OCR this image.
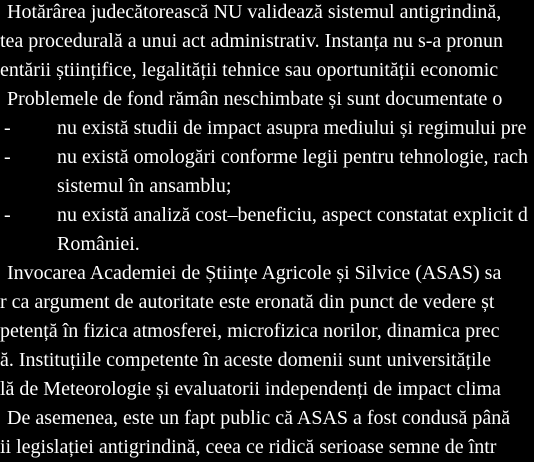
Hotărârea judecătorească NU validează sistemul antigrindină,
tea procedurală a unui act administrativ. Instanța nu s-a pronun
entării științifice, legalității tehnice sau oportunității economic
Problemele de fond rămân neschimbate și sunt documentate o
- nu există studii de impact asupra mediului și regimului pre
- nu există omologări conforme legii pentru tehnologie, rach
sistemul în ansamblu;
- nu există analiză cost–beneficiu, aspect constatat explicit d
României.
Invocarea Academiei de Științe Agricole și Silvice (ASAS) sa
r ca argument de autoritate este eronată din punct de vedere șt
petență în fizica atmosferei, microfizica norilor, dinamica prec
ă. Instituțiile competente în aceste domenii sunt universitățile
lă de Meteorologie și evaluatorii independenți de impact clima
De asemenea, este un fapt public că ASAS a fost condusă până
ii legislației antigrindină, ceea ce ridică serioase semne de într
